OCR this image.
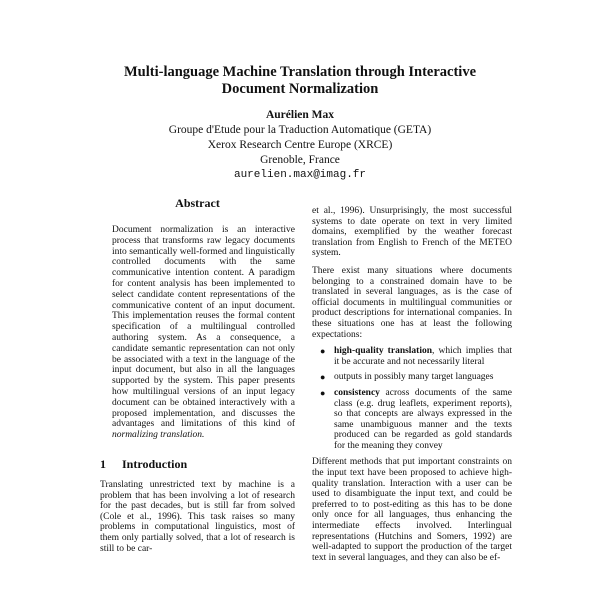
Multi-language Machine Translation through Interactive
Document Normalization
Aurélien Max
Groupe d'Etude pour la Traduction Automatique (GETA)
Xerox Research Centre Europe (XRCE)
Grenoble, France
aurelien.max@imag.fr
Abstract

Document normalization is an interactive process that transforms raw legacy documents into semantically well-formed and linguistically controlled documents with the same communicative intention content. A paradigm for content analysis has been implemented to select candidate content representations of the communicative content of an input document. This implementation reuses the formal content specification of a multilingual controlled authoring system. As a consequence, a candidate semantic representation can not only be associated with a text in the language of the input document, but also in all the languages supported by the system. This paper presents how multilingual versions of an input legacy document can be obtained interactively with a proposed implementation, and discusses the advantages and limitations of this kind of normalizing translation.

1 Introduction

Translating unrestricted text by machine is a problem that has been involving a lot of research for the past decades, but is still far from solved (Cole et al., 1996). This task raises so many problems in computational linguistics, most of them only partially solved, that a lot of research is still to be car-

et al., 1996). Unsurprisingly, the most successful systems to date operate on text in very limited domains, exemplified by the weather forecast translation from English to French of the METEO system.

There exist many situations where documents belonging to a constrained domain have to be translated in several languages, as is the case of official documents in multilingual communities or product descriptions for international companies. In these situations one has at least the following expectations:

● high-quality translation, which implies that it be accurate and not necessarily literal
● outputs in possibly many target languages
● consistency across documents of the same class (e.g. drug leaflets, experiment reports), so that concepts are always expressed in the same unambiguous manner and the texts produced can be regarded as gold standards for the meaning they convey

Different methods that put important constraints on the input text have been proposed to achieve high-quality translation. Interaction with a user can be used to disambiguate the input text, and could be preferred to to post-editing as this has to be done only once for all languages, thus enhancing the intermediate effects involved. Interlingual representations (Hutchins and Somers, 1992) are well-adapted to support the production of the target text in several languages, and they can also be ef-
